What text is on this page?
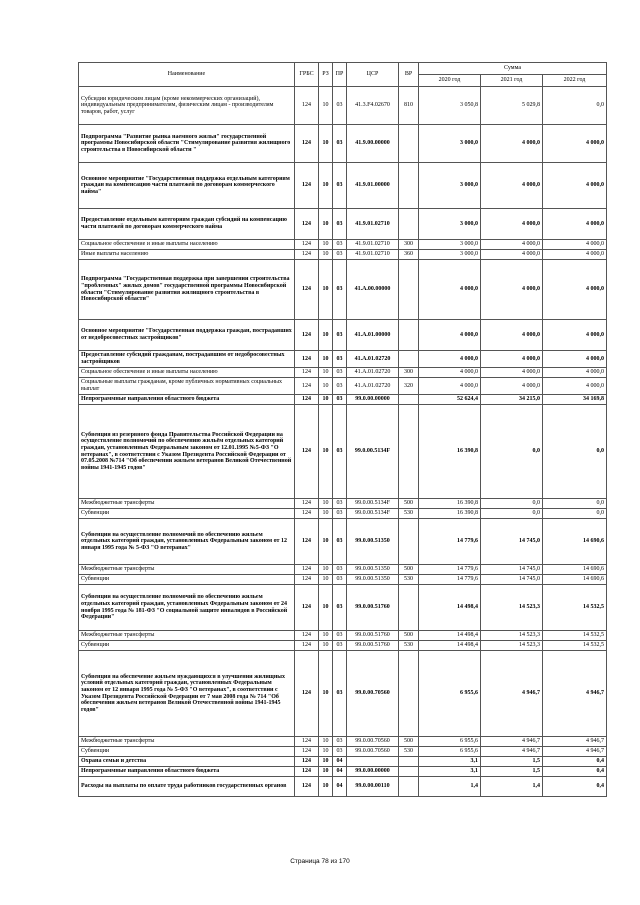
Наименование	ГРБС	РЗ	ПР	ЦСР	ВР	Сумма		
						2020 год	2021 год	2022 год
Субсидии юридическим лицам (кроме некоммерческих организаций), индивидуальным предпринимателям, физическим лицам - производителям товаров, работ, услуг	124	10	03	41.3.F4.02670	810	3 050,8	5 029,8	0,0
Подпрограмма "Развитие рынка наемного жилья" государственной программы Новосибирской области "Стимулирование развития жилищного строительства в Новосибирской области "	124	10	03	41.9.00.00000		3 000,0	4 000,0	4 000,0
Основное мероприятие "Государственная поддержка отдельным категориям граждан на компенсацию части платежей по договорам коммерческого найма"	124	10	03	41.9.01.00000		3 000,0	4 000,0	4 000,0
Предоставление отдельным категориям граждан субсидий на компенсацию части платежей по договорам коммерческого найма	124	10	03	41.9.01.02710		3 000,0	4 000,0	4 000,0
Социальное обеспечение и иные выплаты населению	124	10	03	41.9.01.02710	300	3 000,0	4 000,0	4 000,0
Иные выплаты населению	124	10	03	41.9.01.02710	360	3 000,0	4 000,0	4 000,0
Подпрограмма "Государственная поддержка при завершении строительства "проблемных" жилых домов" государственной программы Новосибирской области "Стимулирование развития жилищного строительства в Новосибирской области"	124	10	03	41.А.00.00000		4 000,0	4 000,0	4 000,0
Основное мероприятие "Государственная поддержка граждан, пострадавших от недобросовестных застройщиков"	124	10	03	41.А.01.00000		4 000,0	4 000,0	4 000,0
Предоставление субсидий гражданам, пострадавшим от недобросовестных застройщиков	124	10	03	41.А.01.02720		4 000,0	4 000,0	4 000,0
Социальное обеспечение и иные выплаты населению	124	10	03	41.А.01.02720	300	4 000,0	4 000,0	4 000,0
Социальные выплаты гражданам, кроме публичных нормативных социальных выплат	124	10	03	41.А.01.02720	320	4 000,0	4 000,0	4 000,0
Непрограммные направления областного бюджета	124	10	03	99.0.00.00000		52 624,4	34 215,0	34 169,8
Субвенция из резервного фонда Правительства Российской Федерации на осуществление полномочий по обеспечению жильём отдельных категорий граждан, установленных Федеральным законом от 12.01.1995 №5-ФЗ "О ветеранах", в соответствии с Указом Президента Российской Федерации от 07.05.2008 №714 "Об обеспечении жильем ветеранов Великой Отечественной войны 1941-1945 годов"	124	10	03	99.0.00.5134F		16 390,8	0,0	0,0
Межбюджетные трансферты	124	10	03	99.0.00.5134F	500	16 390,8	0,0	0,0
Субвенции	124	10	03	99.0.00.5134F	530	16 390,8	0,0	0,0
Субвенции на осуществление полномочий по обеспечению жильем отдельных категорий граждан, установленных Федеральным законом от 12 января 1995 года № 5-ФЗ "О ветеранах"	124	10	03	99.0.00.51350		14 779,6	14 745,0	14 690,6
Межбюджетные трансферты	124	10	03	99.0.00.51350	500	14 779,6	14 745,0	14 690,6
Субвенции	124	10	03	99.0.00.51350	530	14 779,6	14 745,0	14 690,6
Субвенции на осуществление полномочий по обеспечению жильем отдельных категорий граждан, установленных Федеральным законом от 24 ноября 1995 года № 181-ФЗ "О социальной защите инвалидов в Российской Федерации"	124	10	03	99.0.00.51760		14 498,4	14 523,3	14 532,5
Межбюджетные трансферты	124	10	03	99.0.00.51760	500	14 498,4	14 523,3	14 532,5
Субвенции	124	10	03	99.0.00.51760	530	14 498,4	14 523,3	14 532,5
Субвенция на обеспечение жильем нуждающихся в улучшении жилищных условий отдельных категорий граждан, установленных Федеральным законом от 12 января 1995 года № 5-ФЗ "О ветеранах", в соответствии с Указом Президента Российской Федерации от 7 мая 2008 года № 714 "Об обеспечении жильем ветеранов Великой Отечественной войны 1941-1945 годов"	124	10	03	99.0.00.70560		6 955,6	4 946,7	4 946,7
Межбюджетные трансферты	124	10	03	99.0.00.70560	500	6 955,6	4 946,7	4 946,7
Субвенции	124	10	03	99.0.00.70560	530	6 955,6	4 946,7	4 946,7
Охрана семьи и детства	124	10	04			3,1	1,5	0,4
Непрограммные направления областного бюджета	124	10	04	99.0.00.00000		3,1	1,5	0,4
Расходы на выплаты по оплате труда работников государственных органов	124	10	04	99.0.00.00110		1,4	1,4	0,4
Страница 78 из 170
